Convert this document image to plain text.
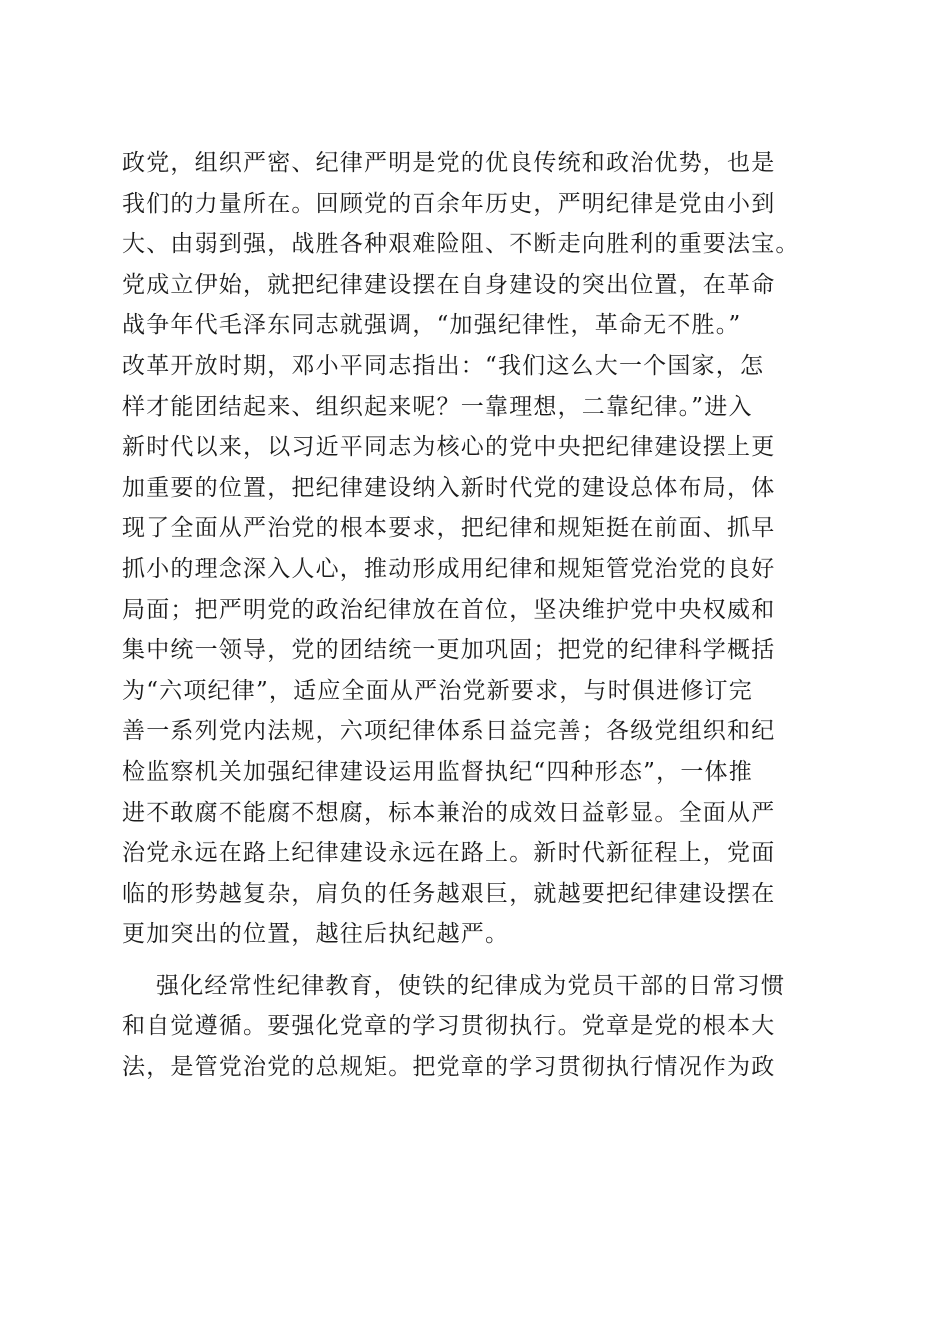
政党，组织严密、纪律严明是党的优良传统和政治优势，也是
我们的力量所在。回顾党的百余年历史，严明纪律是党由小到
大、由弱到强，战胜各种艰难险阻、不断走向胜利的重要法宝。
党成立伊始，就把纪律建设摆在自身建设的突出位置，在革命
战争年代毛泽东同志就强调，“加强纪律性，革命无不胜。”
改革开放时期，邓小平同志指出：“我们这么大一个国家，怎
样才能团结起来、组织起来呢？一靠理想，二靠纪律。”进入
新时代以来，以习近平同志为核心的党中央把纪律建设摆上更
加重要的位置，把纪律建设纳入新时代党的建设总体布局，体
现了全面从严治党的根本要求，把纪律和规矩挺在前面、抓早
抓小的理念深入人心，推动形成用纪律和规矩管党治党的良好
局面；把严明党的政治纪律放在首位，坚决维护党中央权威和
集中统一领导，党的团结统一更加巩固；把党的纪律科学概括
为“六项纪律”，适应全面从严治党新要求，与时俱进修订完
善一系列党内法规，六项纪律体系日益完善；各级党组织和纪
检监察机关加强纪律建设运用监督执纪“四种形态”，一体推
进不敢腐不能腐不想腐，标本兼治的成效日益彰显。全面从严
治党永远在路上纪律建设永远在路上。新时代新征程上，党面
临的形势越复杂，肩负的任务越艰巨，就越要把纪律建设摆在
更加突出的位置，越往后执纪越严。
强化经常性纪律教育，使铁的纪律成为党员干部的日常习惯
和自觉遵循。要强化党章的学习贯彻执行。党章是党的根本大
法，是管党治党的总规矩。把党章的学习贯彻执行情况作为政
